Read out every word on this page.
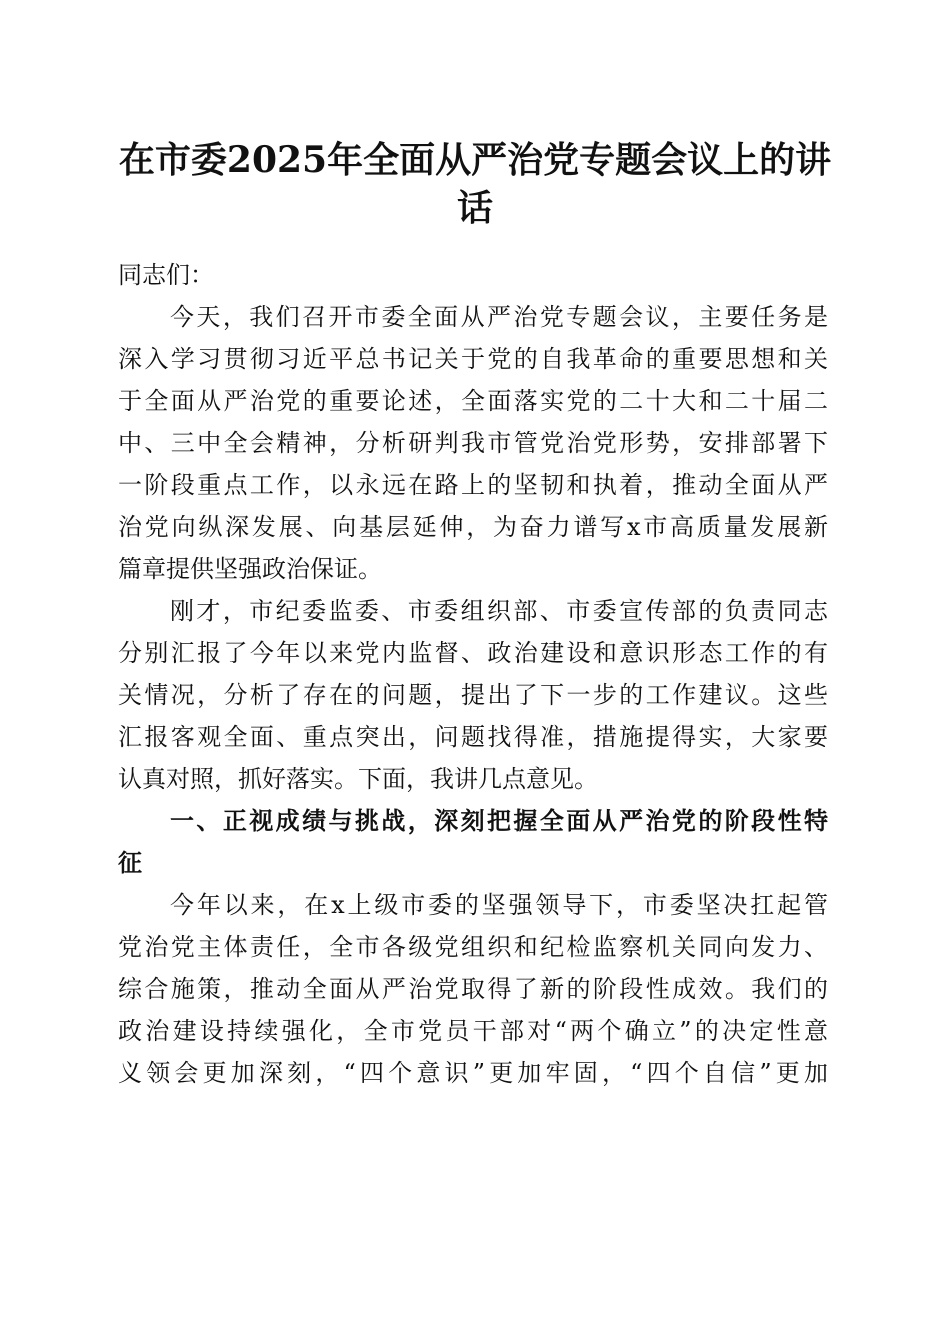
在市委2025年全面从严治党专题会议上的讲
话
同志们：
今天，我们召开市委全面从严治党专题会议，主要任务是
深入学习贯彻习近平总书记关于党的自我革命的重要思想和关
于全面从严治党的重要论述，全面落实党的二十大和二十届二
中、三中全会精神，分析研判我市管党治党形势，安排部署下
一阶段重点工作，以永远在路上的坚韧和执着，推动全面从严
治党向纵深发展、向基层延伸，为奋力谱写x市高质量发展新
篇章提供坚强政治保证。
刚才，市纪委监委、市委组织部、市委宣传部的负责同志
分别汇报了今年以来党内监督、政治建设和意识形态工作的有
关情况，分析了存在的问题，提出了下一步的工作建议。这些
汇报客观全面、重点突出，问题找得准，措施提得实，大家要
认真对照，抓好落实。下面，我讲几点意见。
一、正视成绩与挑战，深刻把握全面从严治党的阶段性特
征
今年以来，在x上级市委的坚强领导下，市委坚决扛起管
党治党主体责任，全市各级党组织和纪检监察机关同向发力、
综合施策，推动全面从严治党取得了新的阶段性成效。我们的
政治建设持续强化，全市党员干部对“两个确立”的决定性意
义领会更加深刻，“四个意识”更加牢固，“四个自信”更加
